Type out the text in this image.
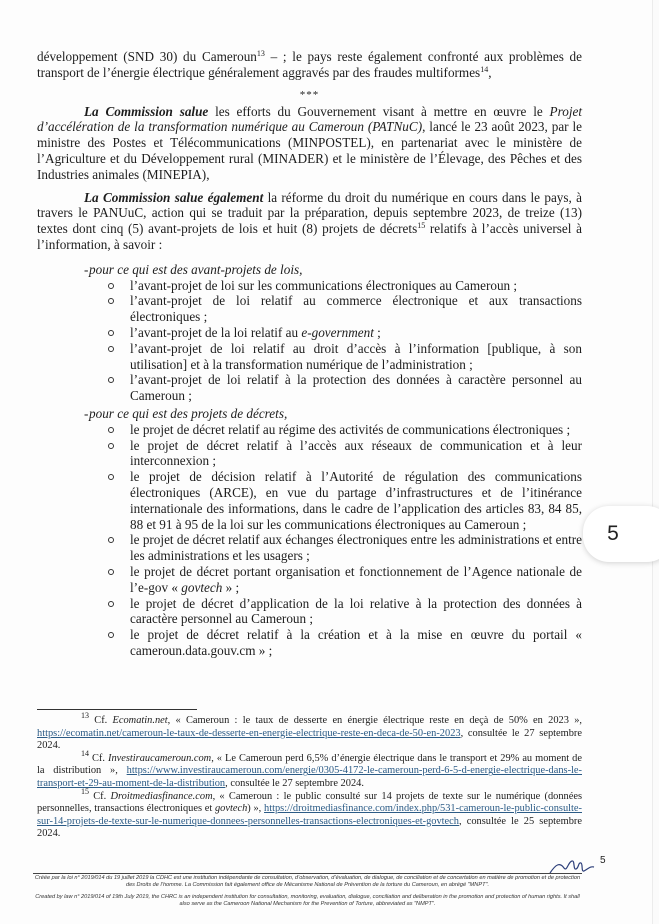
développement (SND 30) du Cameroun$^{13}$ – ; le pays reste également confronté aux problèmes de transport de l’énergie électrique généralement aggravés par des fraudes multiformes$^{14}$,

***

La Commission salue les efforts du Gouvernement visant à mettre en œuvre le Projet d’accélération de la transformation numérique au Cameroun (PATNuC), lancé le 23 août 2023, par le ministre des Postes et Télécommunications (MINPOSTEL), en partenariat avec le ministère de l’Agriculture et du Développement rural (MINADER) et le ministère de l’Élevage, des Pêches et des Industries animales (MINEPIA),

La Commission salue également la réforme du droit du numérique en cours dans le pays, à travers le PANUuC, action qui se traduit par la préparation, depuis septembre 2023, de treize (13) textes dont cinq (5) avant-projets de lois et huit (8) projets de décrets$^{15}$ relatifs à l’accès universel à l’information, à savoir :

- pour ce qui est des avant-projets de lois,
l’avant-projet de loi sur les communications électroniques au Cameroun ;
l’avant-projet de loi relatif au commerce électronique et aux transactions électroniques ;
l’avant-projet de la loi relatif au e-government ;
l’avant-projet de loi relatif au droit d’accès à l’information [publique, à son utilisation] et à la transformation numérique de l’administration ;
l’avant-projet de loi relatif à la protection des données à caractère personnel au Cameroun ;
- pour ce qui est des projets de décrets,
le projet de décret relatif au régime des activités de communications électroniques ;
le projet de décret relatif à l’accès aux réseaux de communication et à leur interconnexion ;
le projet de décision relatif à l’Autorité de régulation des communications électroniques (ARCE), en vue du partage d’infrastructures et de l’itinérance internationale des informations, dans le cadre de l’application des articles 83, 84 85, 88 et 91 à 95 de la loi sur les communications électroniques au Cameroun ;
le projet de décret relatif aux échanges électroniques entre les administrations et entre les administrations et les usagers ;
le projet de décret portant organisation et fonctionnement de l’Agence nationale de l’e-gov « govtech » ;
le projet de décret d’application de la loi relative à la protection des données à caractère personnel au Cameroun ;
le projet de décret relatif à la création et à la mise en œuvre du portail « cameroun.data.gouv.cm » ;

$^{13}$ Cf. Ecomatin.net, « Cameroun : le taux de desserte en énergie électrique reste en deçà de 50% en 2023 », https://ecomatin.net/cameroun-le-taux-de-desserte-en-energie-electrique-reste-en-deca-de-50-en-2023, consultée le 27 septembre 2024.

$^{14}$ Cf. Investiraucameroun.com, « Le Cameroun perd 6,5% d’énergie électrique dans le transport et 29% au moment de la distribution », https://www.investiraucameroun.com/energie/0305-4172-le-cameroun-perd-6-5-d-energie-electrique-dans-le-transport-et-29-au-moment-de-la-distribution, consultée le 27 septembre 2024.

$^{15}$ Cf. Droitmediasfinance.com, « Cameroun : le public consulté sur 14 projets de texte sur le numérique (données personnelles, transactions électroniques et govtech) », https://droitmediasfinance.com/index.php/531-cameroun-le-public-consulte-sur-14-projets-de-texte-sur-le-numerique-donnees-personnelles-transactions-electroniques-et-govtech, consultée le 25 septembre 2024.

5
Créée par la loi n° 2019/014 du 19 juillet 2019 la CDHC est une institution indépendante de consultation, d’observation, d’évaluation, de dialogue, de conciliation et de concertation en matière de promotion et de protection des Droits de l’homme. La Commission fait également office de Mécanisme National de Prévention de la torture du Cameroun, en abrégé "MNPT".
Created by law n° 2019/014 of 19th July 2019, the CHRC is an independent institution for consultation, monitoring, evaluation, dialogue, conciliation and deliberation in the promotion and protection of human rights. It shall also serve as the Cameroon National Mechanism for the Prevention of Torture, abbreviated as "NMPT".
5
